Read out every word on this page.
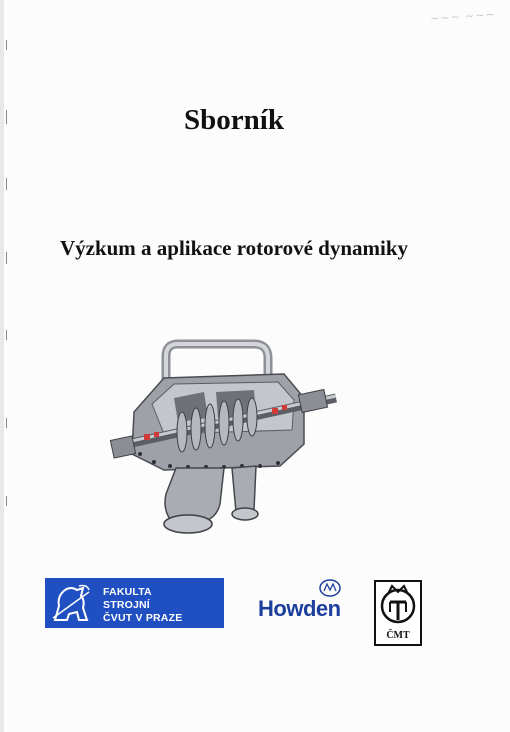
~~~ ~~~
Sborník
Výzkum a aplikace rotorové dynamiky
FAKULTA
STROJNÍ
ČVUT V PRAZE	Howden
ČMT
